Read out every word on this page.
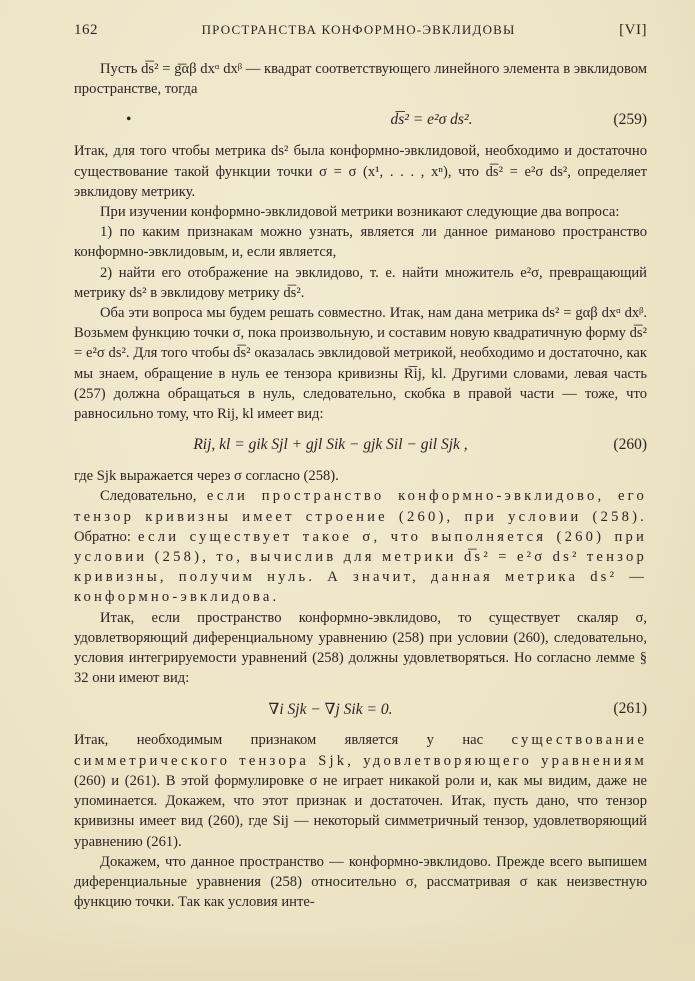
162	ПРОСТРАНСТВА КОНФОРМНО-ЭВКЛИДОВЫ	[VI]

Пусть d͞s² = g͞αβ dxᵅ dxᵝ — квадрат соответствующего линейного элемента в эвклидовом пространстве, тогда

•	d͞s² = e²σ ds².	(259)

Итак, для того чтобы метрика ds² была конформно-эвклидовой, необходимо и достаточно существование такой функции точки σ = σ (x¹, . . . , xⁿ), что d͞s² = e²σ ds², определяет эвклидову метрику.

При изучении конформно-эвклидовой метрики возникают следующие два вопроса:

1) по каким признакам можно узнать, является ли данное риманово пространство конформно-эвклидовым, и, если является,

2) найти его отображение на эвклидово, т. е. найти множитель e²σ, превращающий метрику ds² в эвклидову метрику d͞s².

Оба эти вопроса мы будем решать совместно. Итак, нам дана метрика ds² = gαβ dxᵅ dxᵝ. Возьмем функцию точки σ, пока произвольную, и составим новую квадратичную форму d͞s² = e²σ ds². Для того чтобы d͞s² оказалась эвклидовой метрикой, необходимо и достаточно, как мы знаем, обращение в нуль ее тензора кривизны R͞ij, kl. Другими словами, левая часть (257) должна обращаться в нуль, следовательно, скобка в правой части — тоже, что равносильно тому, что Rij, kl имеет вид:

Rij, kl = gik Sjl + gjl Sik − gjk Sil − gil Sjk ,	(260)

где Sjk выражается через σ согласно (258).

Следовательно, если пространство конформно-эвклидово, его тензор кривизны имеет строение (260), при условии (258). Обратно: если существует такое σ, что выполняется (260) при условии (258), то, вычислив для метрики d͞s² = e²σ ds² тензор кривизны, получим нуль. А значит, данная метрика ds² — конформно-эвклидова.

Итак, если пространство конформно-эвклидово, то существует скаляр σ, удовлетворяющий диференциальному уравнению (258) при условии (260), следовательно, условия интегрируемости уравнений (258) должны удовлетворяться. Но согласно лемме § 32 они имеют вид:

∇i Sjk − ∇j Sik = 0.	(261)

Итак, необходимым признаком является у нас существование симметрического тензора Sjk, удовлетворяющего уравнениям (260) и (261). В этой формулировке σ не играет никакой роли и, как мы видим, даже не упоминается. Докажем, что этот признак и достаточен. Итак, пусть дано, что тензор кривизны имеет вид (260), где Sij — некоторый симметричный тензор, удовлетворяющий уравнению (261).

Докажем, что данное пространство — конформно-эвклидово. Прежде всего выпишем диференциальные уравнения (258) относительно σ, рассматривая σ как неизвестную функцию точки. Так как условия инте-
